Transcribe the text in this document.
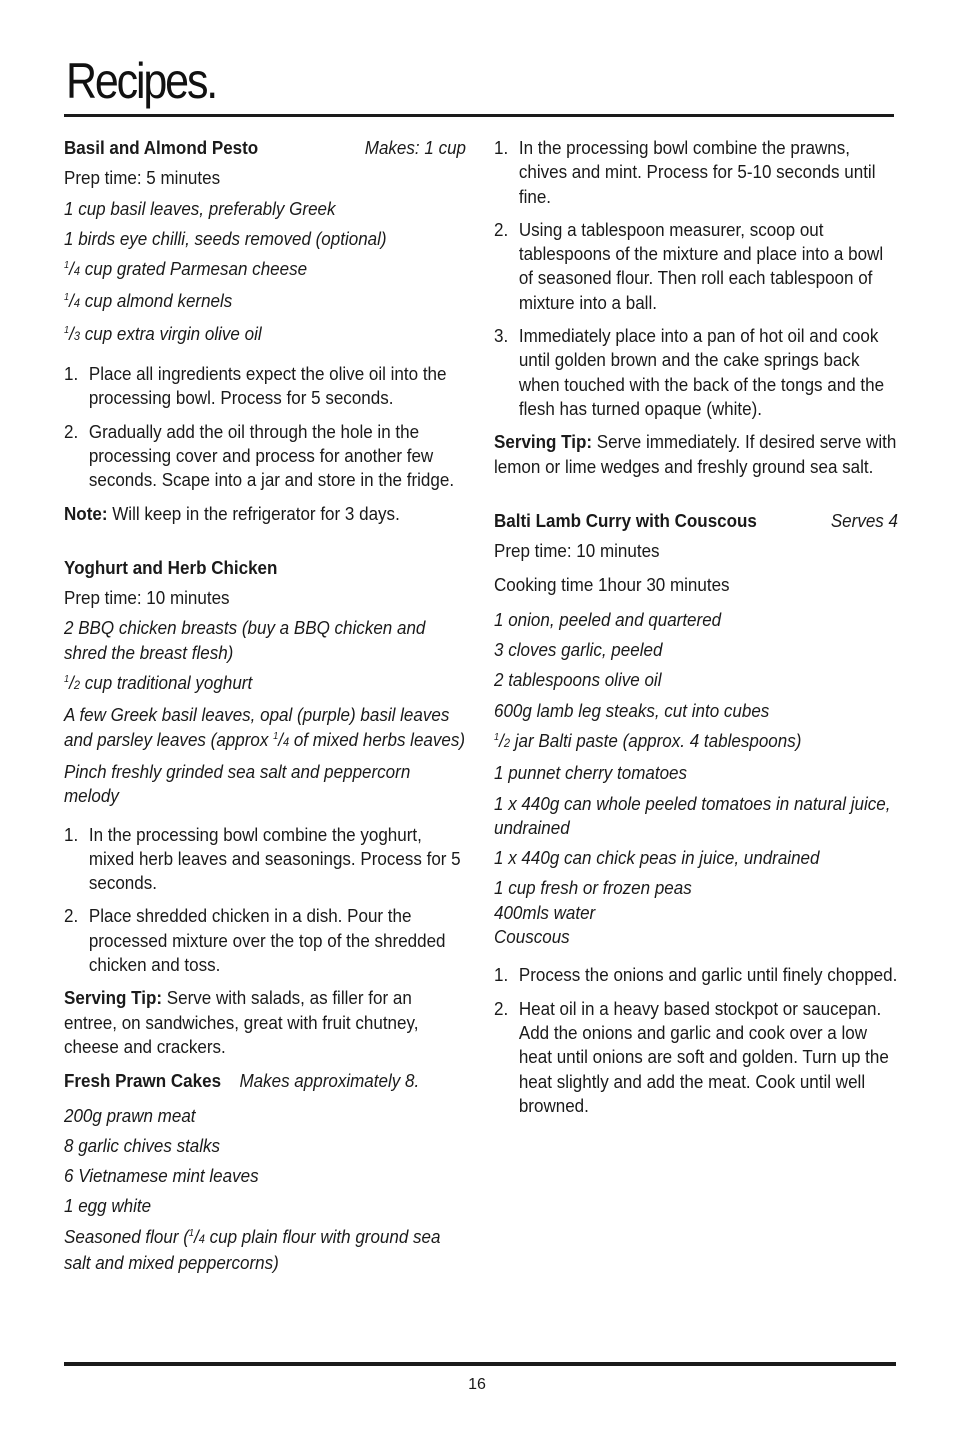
Recipes.
Basil and Almond Pesto	Makes: 1 cup
Prep time: 5 minutes
1 cup basil leaves, preferably Greek
1 birds eye chilli, seeds removed (optional)
$^1$/4 cup grated Parmesan cheese
$^1$/4 cup almond kernels
$^1$/3 cup extra virgin olive oil
1. Place all ingredients expect the olive oil into the processing bowl. Process for 5 seconds.
2. Gradually add the oil through the hole in the processing cover and process for another few seconds. Scape into a jar and store in the fridge.
Note: Will keep in the refrigerator for 3 days.
Yoghurt and Herb Chicken
Prep time: 10 minutes
2 BBQ chicken breasts (buy a BBQ chicken and shred the breast flesh)
$^1$/2 cup traditional yoghurt
A few Greek basil leaves, opal (purple) basil leaves and parsley leaves (approx $^1$/4 of mixed herbs leaves)
Pinch freshly grinded sea salt and peppercorn melody
1. In the processing bowl combine the yoghurt, mixed herb leaves and seasonings. Process for 5 seconds.
2. Place shredded chicken in a dish. Pour the processed mixture over the top of the shredded chicken and toss.
Serving Tip: Serve with salads, as filler for an entree, on sandwiches, great with fruit chutney, cheese and crackers.
Fresh Prawn Cakes Makes approximately 8.
200g prawn meat
8 garlic chives stalks
6 Vietnamese mint leaves
1 egg white
Seasoned flour ($^1$/4 cup plain flour with ground sea salt and mixed peppercorns)
1. In the processing bowl combine the prawns, chives and mint. Process for 5-10 seconds until fine.
2. Using a tablespoon measurer, scoop out tablespoons of the mixture and place into a bowl of seasoned flour. Then roll each tablespoon of mixture into a ball.
3. Immediately place into a pan of hot oil and cook until golden brown and the cake springs back when touched with the back of the tongs and the flesh has turned opaque (white).
Serving Tip: Serve immediately. If desired serve with lemon or lime wedges and freshly ground sea salt.
Balti Lamb Curry with Couscous	Serves 4
Prep time: 10 minutes
Cooking time 1hour 30 minutes
1 onion, peeled and quartered
3 cloves garlic, peeled
2 tablespoons olive oil
600g lamb leg steaks, cut into cubes
$^1$/2 jar Balti paste (approx. 4 tablespoons)
1 punnet cherry tomatoes
1 x 440g can whole peeled tomatoes in natural juice, undrained
1 x 440g can chick peas in juice, undrained
1 cup fresh or frozen peas
400mls water
Couscous
1. Process the onions and garlic until finely chopped.
2. Heat oil in a heavy based stockpot or saucepan. Add the onions and garlic and cook over a low heat until onions are soft and golden. Turn up the heat slightly and add the meat. Cook until well browned.
16
